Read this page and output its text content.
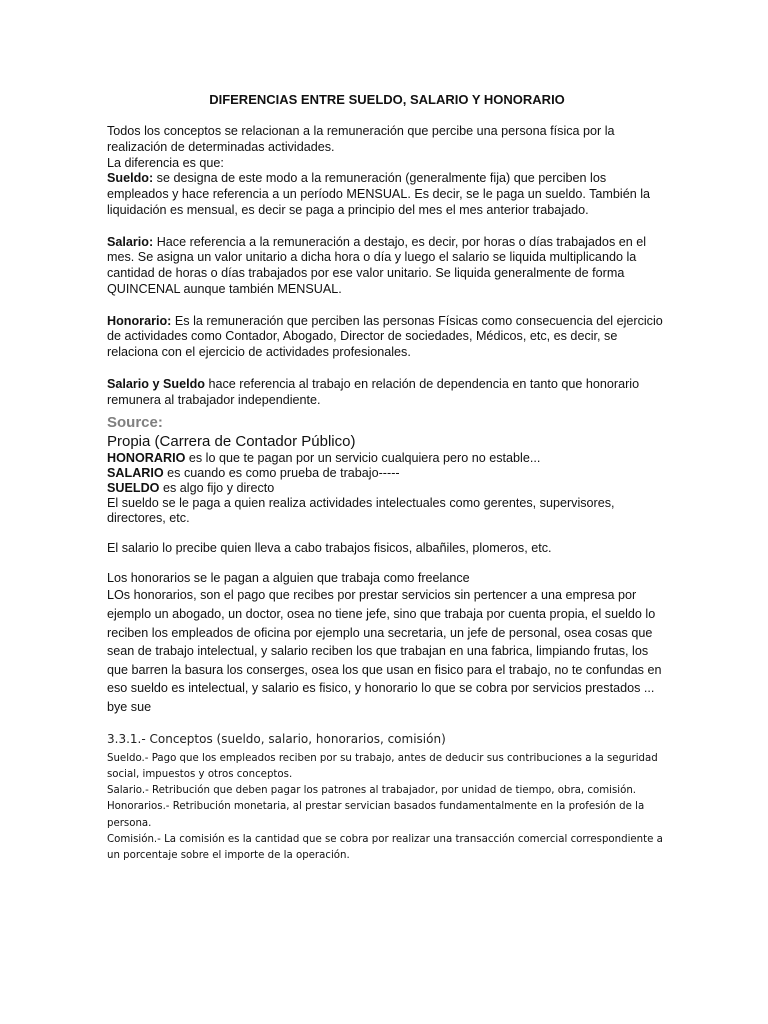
DIFERENCIAS ENTRE SUELDO, SALARIO Y HONORARIO

Todos los conceptos se relacionan a la remuneración que percibe una persona física por la realización de determinadas actividades.

La diferencia es que:

Sueldo: se designa de este modo a la remuneración (generalmente fija) que perciben los empleados y hace referencia a un período MENSUAL. Es decir, se le paga un sueldo. También la liquidación es mensual, es decir se paga a principio del mes el mes anterior trabajado.

Salario: Hace referencia a la remuneración a destajo, es decir, por horas o días trabajados en el mes. Se asigna un valor unitario a dicha hora o día y luego el salario se liquida multiplicando la cantidad de horas o días trabajados por ese valor unitario. Se liquida generalmente de forma QUINCENAL aunque también MENSUAL.

Honorario: Es la remuneración que perciben las personas Físicas como consecuencia del ejercicio de actividades como Contador, Abogado, Director de sociedades, Médicos, etc, es decir, se relaciona con el ejercicio de actividades profesionales.

Salario y Sueldo hace referencia al trabajo en relación de dependencia en tanto que honorario remunera al trabajador independiente.

Source:

Propia (Carrera de Contador Público)

HONORARIO es lo que te pagan por un servicio cualquiera pero no estable...

SALARIO es cuando es como prueba de trabajo-----

SUELDO es algo fijo y directo

El sueldo se le paga a quien realiza actividades intelectuales como gerentes, supervisores, directores, etc.

El salario lo precibe quien lleva a cabo trabajos fisicos, albañiles, plomeros, etc.

Los honorarios se le pagan a alguien que trabaja como freelance

LOs honorarios, son el pago que recibes por prestar servicios sin pertencer a una empresa por ejemplo un abogado, un doctor, osea no tiene jefe, sino que trabaja por cuenta propia, el sueldo lo reciben los empleados de oficina por ejemplo una secretaria, un jefe de personal, osea cosas que sean de trabajo intelectual, y salario reciben los que trabajan en una fabrica, limpiando frutas, los que barren la basura los conserges, osea los que usan en fisico para el trabajo, no te confundas en eso sueldo es intelectual, y salario es fisico, y honorario lo que se cobra por servicios prestados ... bye sue

3.3.1.- Conceptos (sueldo, salario, honorarios, comisión)

Sueldo.- Pago que los empleados reciben por su trabajo, antes de deducir sus contribuciones a la seguridad social, impuestos y otros conceptos.

Salario.- Retribución que deben pagar los patrones al trabajador, por unidad de tiempo, obra, comisión.

Honorarios.- Retribución monetaria, al prestar servician basados fundamentalmente en la profesión de la persona.

Comisión.- La comisión es la cantidad que se cobra por realizar una transacción comercial correspondiente a un porcentaje sobre el importe de la operación.
